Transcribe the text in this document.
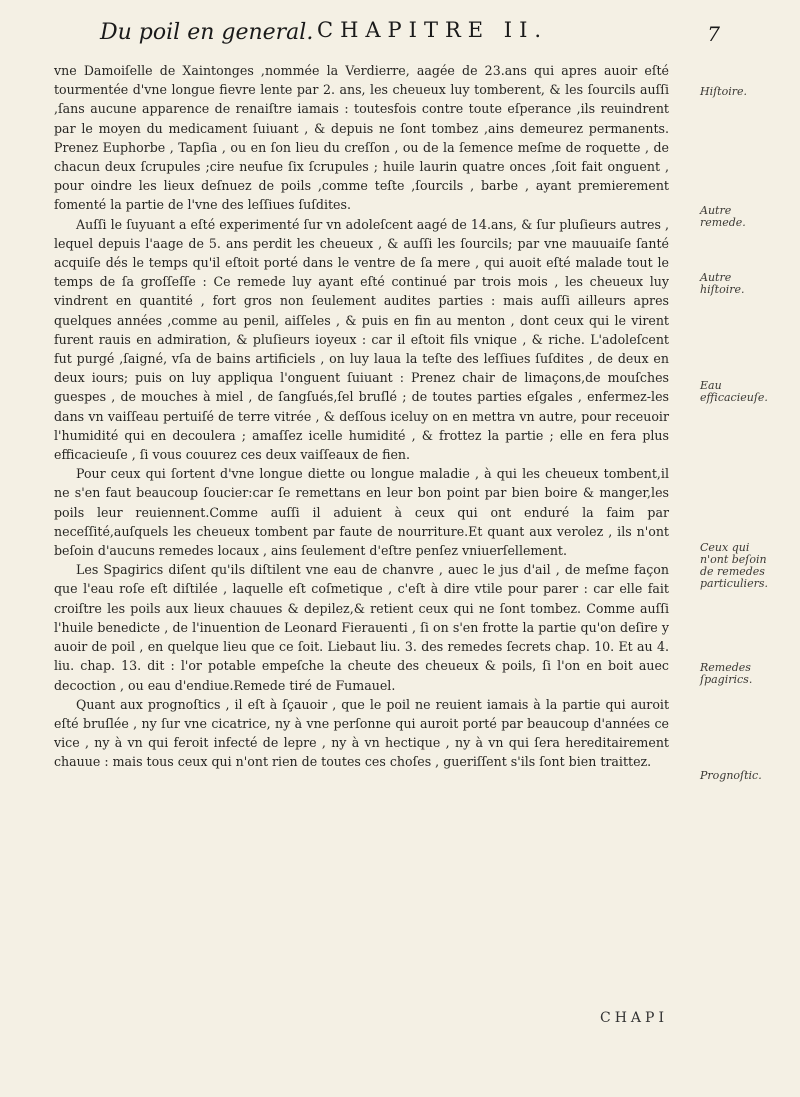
Du poil en general. CHAPITRE II.	7

vne Damoiſelle de Xaintonges ,nommée la Verdierre, aagée de 23.ans qui apres auoir eſté tourmentée d'vne longue fievre lente par 2. ans, les cheueux luy tomberent, & les ſourcils auſſi ,ſans aucune apparence de renaiſtre iamais : toutesfois contre toute eſperance ,ils reuindrent par le moyen du medicament ſuiuant , & depuis ne ſont tombez ,ains demeurez permanents. Prenez Euphorbe , Tapſia , ou en ſon lieu du creſſon , ou de la ſemence meſme de roquette , de chacun deux ſcrupules ;cire neufue ſix ſcrupules ; huile laurin quatre onces ,ſoit fait onguent , pour oindre les lieux deſnuez de poils ,comme teſte ,ſourcils , barbe , ayant premierement fomenté la partie de l'vne des leſſiues ſuſdites.

Auſſi le ſuyuant a eſté experimenté ſur vn adoleſcent aagé de 14.ans, & ſur pluſieurs autres , lequel depuis l'aage de 5. ans perdit les cheueux , & auſſi les ſourcils; par vne mauuaiſe ſanté acquiſe dés le temps qu'il eſtoit porté dans le ventre de ſa mere , qui auoit eſté malade tout le temps de ſa groſſeſſe : Ce remede luy ayant eſté continué par trois mois , les cheueux luy vindrent en quantité , fort gros non ſeulement audites parties : mais auſſi ailleurs apres quelques années ,comme au penil, aiſſeles , & puis en fin au menton , dont ceux qui le virent furent rauis en admiration, & pluſieurs ioyeux : car il eſtoit fils vnique , & riche. L'adoleſcent fut purgé ,ſaigné, vſa de bains artificiels , on luy laua la teſte des leſſiues ſuſdites , de deux en deux iours; puis on luy appliqua l'onguent ſuiuant : Prenez chair de limaçons,de mouſches guespes , de mouches à miel , de ſangſués,ſel bruſlé ; de toutes parties eſgales , enfermez-les dans vn vaiſſeau pertuiſé de terre vitrée , & deſſous iceluy on en mettra vn autre, pour receuoir l'humidité qui en decoulera ; amaſſez icelle humidité , & frottez la partie ; elle en fera plus efficacieuſe , ſi vous couurez ces deux vaiſſeaux de fien.

Pour ceux qui ſortent d'vne longue diette ou longue maladie , à qui les cheueux tombent,il ne s'en faut beaucoup ſoucier:car ſe remettans en leur bon point par bien boire & manger,les poils leur reuiennent.Comme auſſi il aduient à ceux qui ont enduré la faim par neceſſité,auſquels les cheueux tombent par faute de nourriture.Et quant aux verolez , ils n'ont beſoin d'aucuns remedes locaux , ains ſeulement d'eſtre penſez vniuerſellement.

Les Spagirics diſent qu'ils diſtilent vne eau de chanvre , auec le jus d'ail , de meſme façon que l'eau roſe eſt diſtilée , laquelle eſt coſmetique , c'eſt à dire vtile pour parer : car elle fait croiſtre les poils aux lieux chauues & depilez,& retient ceux qui ne ſont tombez. Comme auſſi l'huile benedicte , de l'inuention de Leonard Fierauenti , ſi on s'en frotte la partie qu'on deſire y auoir de poil , en quelque lieu que ce ſoit. Liebaut liu. 3. des remedes ſecrets chap. 10. Et au 4. liu. chap. 13. dit : l'or potable empeſche la cheute des cheueux & poils, ſi l'on en boit auec decoction , ou eau d'endiue.Remede tiré de Fumauel.

Quant aux prognoſtics , il eſt à ſçauoir , que le poil ne reuient iamais à la partie qui auroit eſté bruſlée , ny ſur vne cicatrice, ny à vne perſonne qui auroit porté par beaucoup d'années ce vice , ny à vn qui feroit infecté de lepre , ny à vn hectique , ny à vn qui ſera hereditairement chauue : mais tous ceux qui n'ont rien de toutes ces choſes , gueriſſent s'ils ſont bien traittez.

Hiſtoire.
Autre remede.
Autre hiſtoire.
Eau efficacieuſe.
Ceux qui n'ont beſoin de remedes particuliers.
Remedes ſpagirics.
Prognoſtic.
CHAPI
